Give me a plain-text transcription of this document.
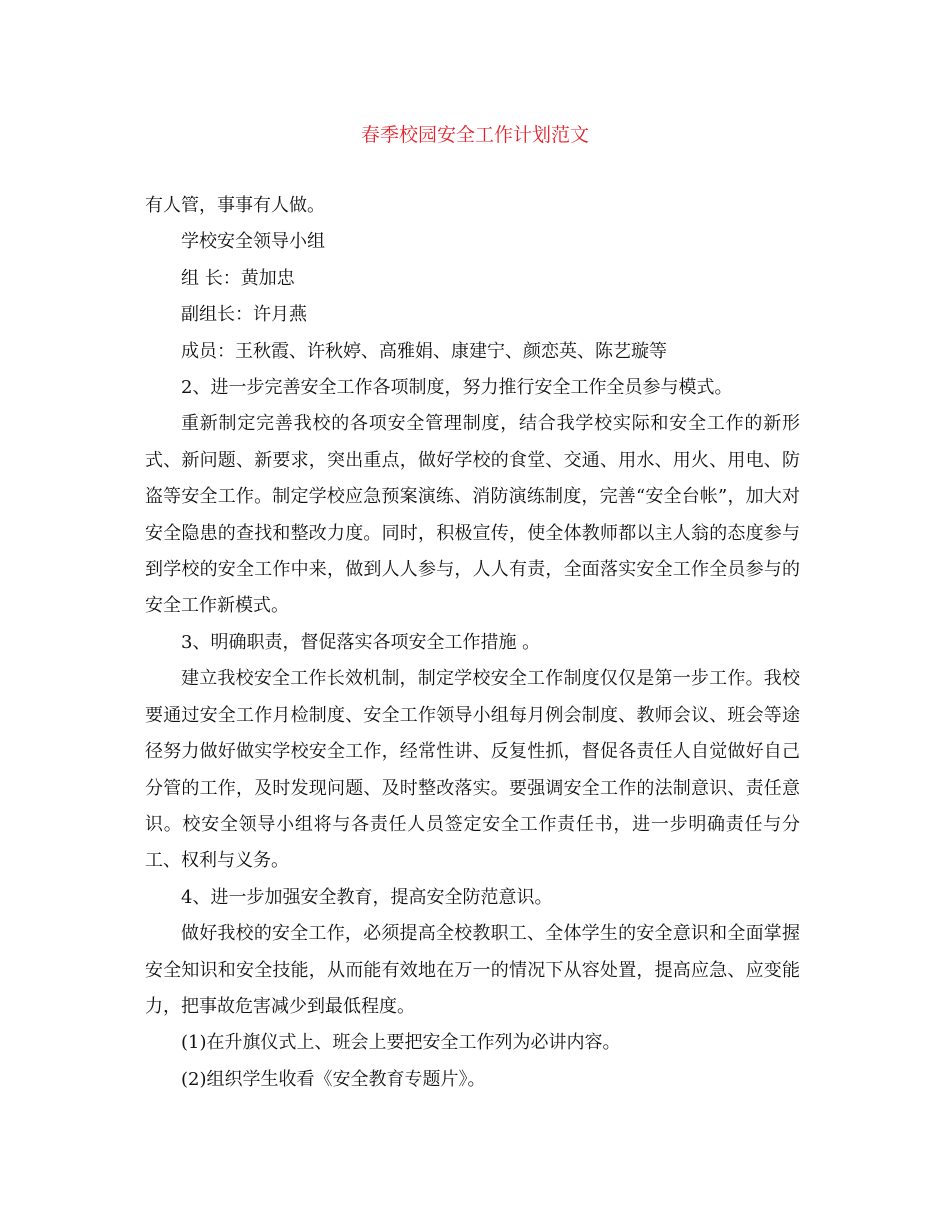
春季校园安全工作计划范文

有人管，事事有人做。

学校安全领导小组

组 长：黄加忠

副组长：许月燕

成员：王秋霞、许秋婷、高雅娟、康建宁、颜恋英、陈艺璇等

2、进一步完善安全工作各项制度，努力推行安全工作全员参与模式。

重新制定完善我校的各项安全管理制度，结合我学校实际和安全工作的新形式、新问题、新要求，突出重点，做好学校的食堂、交通、用水、用火、用电、防盗等安全工作。制定学校应急预案演练、消防演练制度，完善“安全台帐”，加大对安全隐患的查找和整改力度。同时，积极宣传，使全体教师都以主人翁的态度参与到学校的安全工作中来，做到人人参与，人人有责，全面落实安全工作全员参与的安全工作新模式。

3、明确职责，督促落实各项安全工作措施 。

建立我校安全工作长效机制，制定学校安全工作制度仅仅是第一步工作。我校要通过安全工作月检制度、安全工作领导小组每月例会制度、教师会议、班会等途径努力做好做实学校安全工作，经常性讲、反复性抓，督促各责任人自觉做好自己分管的工作，及时发现问题、及时整改落实。要强调安全工作的法制意识、责任意识。校安全领导小组将与各责任人员签定安全工作责任书，进一步明确责任与分工、权利与义务。

4、进一步加强安全教育，提高安全防范意识。

做好我校的安全工作，必须提高全校教职工、全体学生的安全意识和全面掌握安全知识和安全技能，从而能有效地在万一的情况下从容处置，提高应急、应变能力，把事故危害减少到最低程度。

(1)在升旗仪式上、班会上要把安全工作列为必讲内容。

(2)组织学生收看《安全教育专题片》。
